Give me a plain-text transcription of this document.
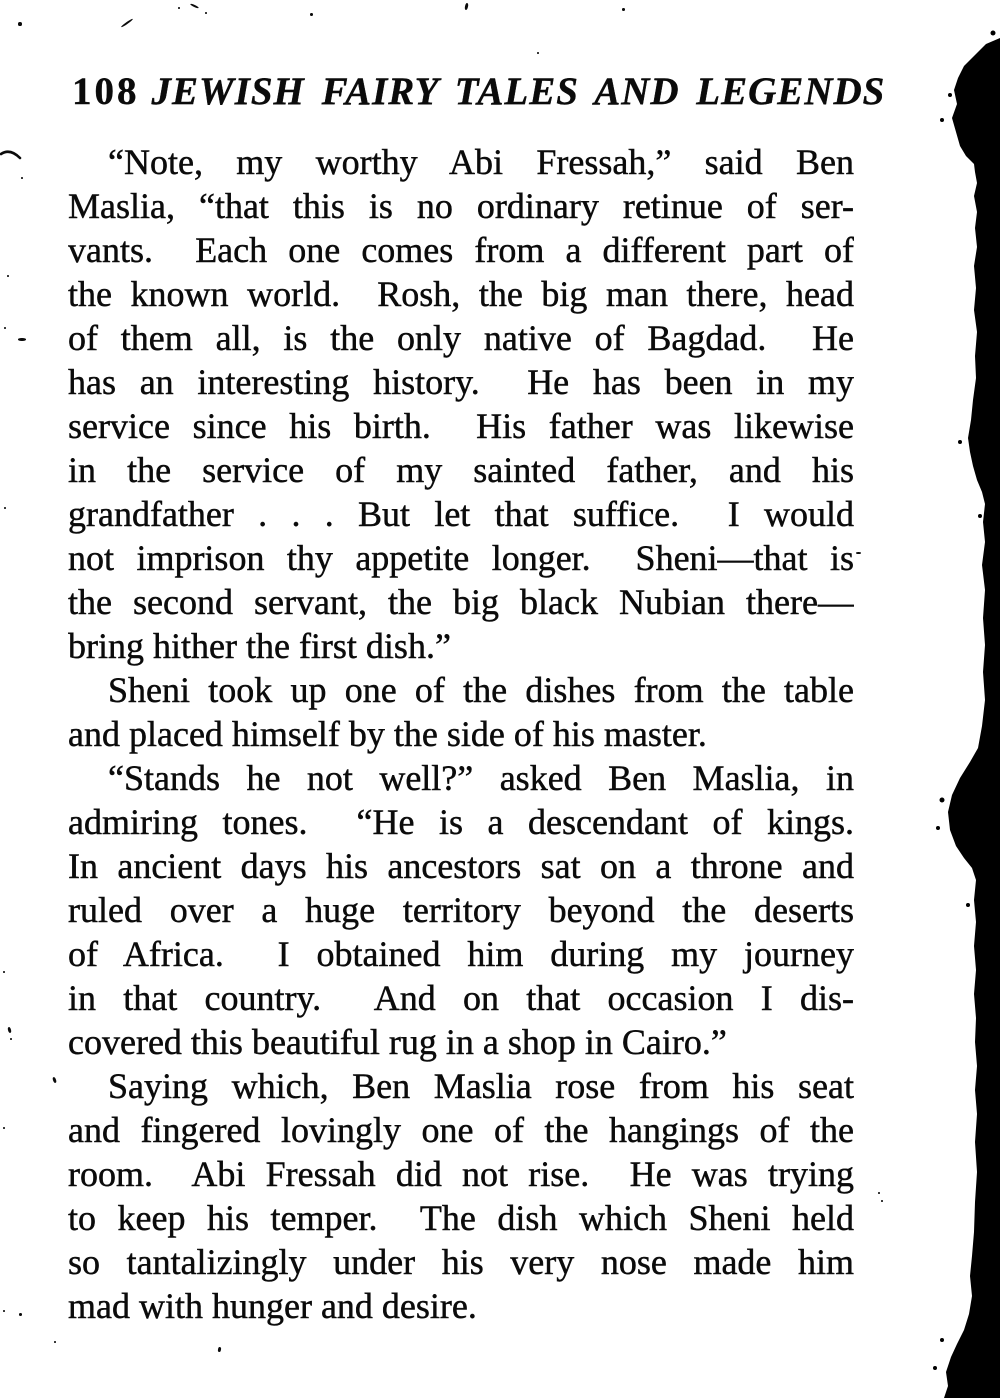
108 JEWISH FAIRY TALES AND LEGENDS
“Note, my worthy Abi Fressah,” said Ben
Maslia, “that this is no ordinary retinue of ser-
vants.  Each one comes from a different part of
the known world.  Rosh, the big man there, head
of them all, is the only native of Bagdad.  He
has an interesting history.  He has been in my
service since his birth.  His father was likewise
in the service of my sainted father, and his
grandfather . . . But let that suffice.  I would
not imprison thy appetite longer.  Sheni—that is
the second servant, the big black Nubian there—
bring hither the first dish.”
Sheni took up one of the dishes from the table
and placed himself by the side of his master.
“Stands he not well?” asked Ben Maslia, in
admiring tones.  “He is a descendant of kings.
In ancient days his ancestors sat on a throne and
ruled over a huge territory beyond the deserts
of Africa.  I obtained him during my journey
in that country.  And on that occasion I dis-
covered this beautiful rug in a shop in Cairo.”
Saying which, Ben Maslia rose from his seat
and fingered lovingly one of the hangings of the
room.  Abi Fressah did not rise.  He was trying
to keep his temper.  The dish which Sheni held
so tantalizingly under his very nose made him
mad with hunger and desire.
